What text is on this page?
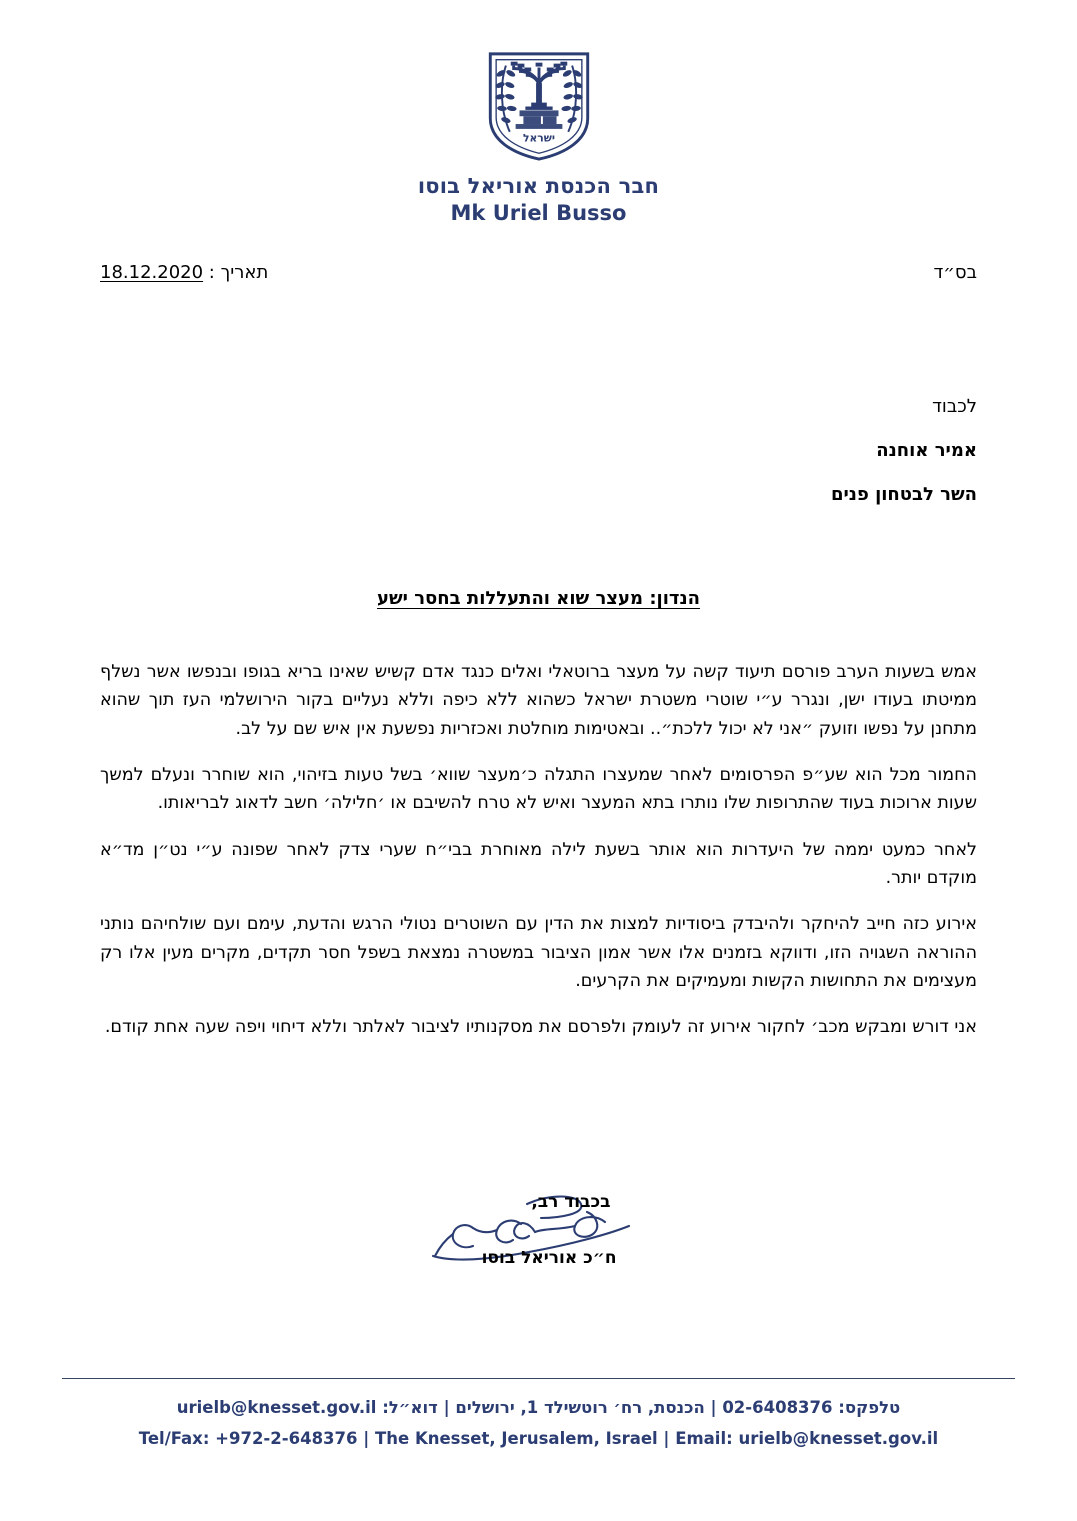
ישראל
חבר הכנסת אוריאל בוסו
Mk Uriel Busso
בס״ד
תאריך : 18.12.2020
לכבוד
אמיר אוחנה
השר לבטחון פנים
הנדון: מעצר שוא והתעללות בחסר ישע

אמש בשעות הערב פורסם תיעוד קשה על מעצר ברוטאלי ואלים כנגד אדם קשיש שאינו בריא בגופו ובנפשו אשר נשלף ממיטתו בעודו ישן, ונגרר ע״י שוטרי משטרת ישראל כשהוא ללא כיפה וללא נעליים בקור הירושלמי העז תוך שהוא מתחנן על נפשו וזועק ״אני לא יכול ללכת״.. ובאטימות מוחלטת ואכזריות נפשעת אין איש שם על לב.

החמור מכל הוא שע״פ הפרסומים לאחר שמעצרו התגלה כ׳מעצר שווא׳ בשל טעות בזיהוי, הוא שוחרר ונעלם למשך שעות ארוכות בעוד שהתרופות שלו נותרו בתא המעצר ואיש לא טרח להשיבם או ׳חלילה׳ חשב לדאוג לבריאותו.

לאחר כמעט יממה של היעדרות הוא אותר בשעת לילה מאוחרת בבי״ח שערי צדק לאחר שפונה ע״י נט״ן מד״א מוקדם יותר.

אירוע כזה חייב להיחקר ולהיבדק ביסודיות למצות את הדין עם השוטרים נטולי הרגש והדעת, עימם ועם שולחיהם נותני ההוראה השגויה הזו, ודווקא בזמנים אלו אשר אמון הציבור במשטרה נמצאת בשפל חסר תקדים, מקרים מעין אלו רק מעצימים את התחושות הקשות ומעמיקים את הקרעים.

אני דורש ומבקש מכב׳ לחקור אירוע זה לעומק ולפרסם את מסקנותיו לציבור לאלתר וללא דיחוי ויפה שעה אחת קודם.

בכבוד רב,
ח״כ אוריאל בוסו
טלפקס: 02-6408376 | הכנסת, רח׳ רוטשילד 1, ירושלים | דוא״ל: urielb@knesset.gov.il
Tel/Fax: +972-2-648376 | The Knesset, Jerusalem, Israel | Email: urielb@knesset.gov.il
